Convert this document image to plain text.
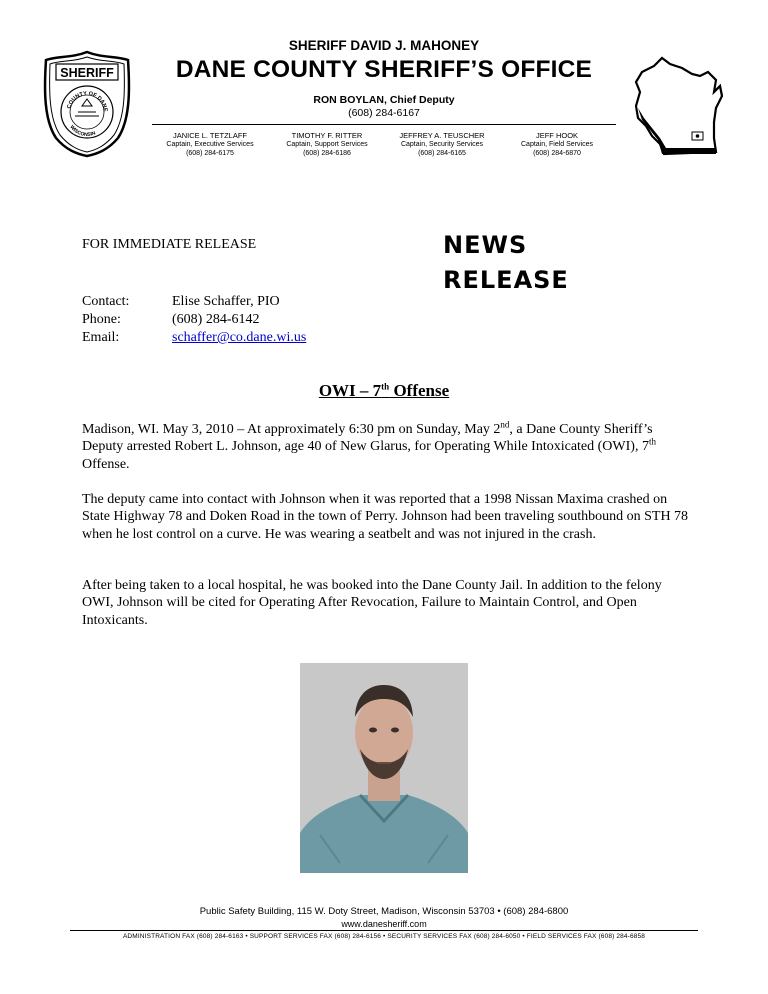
SHERIFF
COUNTY OF DANE
WISCONSIN
SHERIFF DAVID J. MAHONEY
DANE COUNTY SHERIFF’S OFFICE
RON BOYLAN, Chief Deputy
(608) 284-6167
JANICE L. TETZLAFF
Captain, Executive Services
(608) 284-6175
TIMOTHY F. RITTER
Captain, Support Services
(608) 284-6186
JEFFREY A. TEUSCHER
Captain, Security Services
(608) 284-6165
JEFF HOOK
Captain, Field Services
(608) 284-6870
FOR IMMEDIATE RELEASE	NEWS
RELEASE
Contact:	Elise Schaffer, PIO
Phone:	(608) 284-6142
Email:	schaffer@co.dane.wi.us
OWI – 7th Offense
Madison, WI. May 3, 2010 – At approximately 6:30 pm on Sunday, May 2nd, a Dane County Sheriff’s Deputy arrested Robert L. Johnson, age 40 of New Glarus, for Operating While Intoxicated (OWI), 7th Offense.
The deputy came into contact with Johnson when it was reported that a 1998 Nissan Maxima crashed on State Highway 78 and Doken Road in the town of Perry. Johnson had been traveling southbound on STH 78 when he lost control on a curve. He was wearing a seatbelt and was not injured in the crash.
After being taken to a local hospital, he was booked into the Dane County Jail. In addition to the felony OWI, Johnson will be cited for Operating After Revocation, Failure to Maintain Control, and Open Intoxicants.
Public Safety Building, 115 W. Doty Street, Madison, Wisconsin 53703 • (608) 284-6800
www.danesheriff.com
ADMINISTRATION FAX (608) 284-6163 • SUPPORT SERVICES FAX (608) 284-6156 • SECURITY SERVICES FAX (608) 284-6050 • FIELD SERVICES FAX (608) 284-6858
